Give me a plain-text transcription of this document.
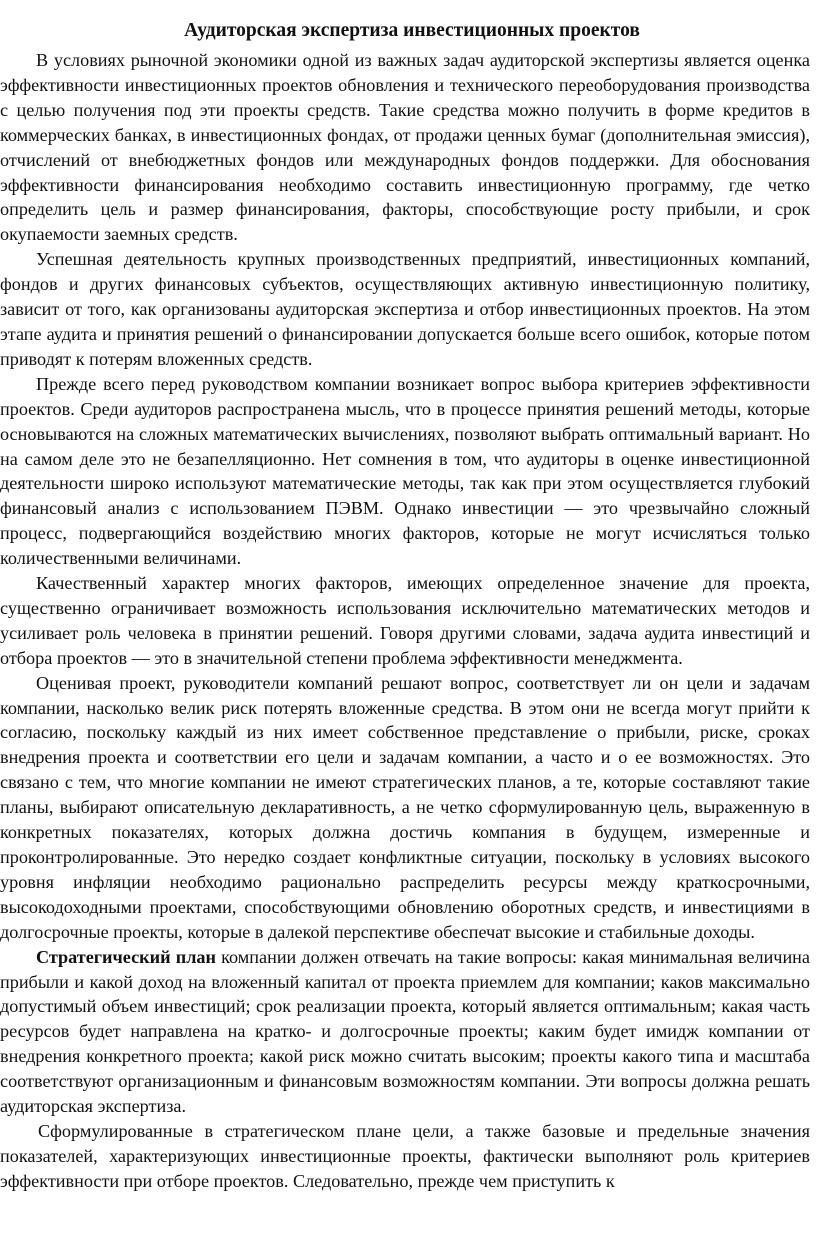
Аудиторская экспертиза инвестиционных проектов

В условиях рыночной экономики одной из важных задач аудиторской экспертизы является оценка эффективности инвестиционных проектов обновления и технического переоборудования производства с целью получения под эти проекты средств. Такие средства можно получить в форме кредитов в коммерческих банках, в инвестиционных фондах, от продажи ценных бумаг (дополнительная эмиссия), отчислений от внебюджетных фондов или международных фондов поддержки. Для обоснования эффективности финансирования необходимо составить инвестиционную программу, где четко определить цель и размер финансирования, факторы, способствующие росту прибыли, и срок окупаемости заемных средств.

Успешная деятельность крупных производственных предприятий, инвестиционных компаний, фондов и других финансовых субъектов, осуществляющих активную инвестиционную политику, зависит от того, как организованы аудиторская экспертиза и отбор инвестиционных проектов. На этом этапе аудита и принятия решений о финансировании допускается больше всего ошибок, которые потом приводят к потерям вложенных средств.

Прежде всего перед руководством компании возникает вопрос выбора критериев эффективности проектов. Среди аудиторов распространена мысль, что в процессе принятия решений методы, которые основываются на сложных математических вычислениях, позволяют выбрать оптимальный вариант. Но на самом деле это не безапелляционно. Нет сомнения в том, что аудиторы в оценке инвестиционной деятельности широко используют математические методы, так как при этом осуществляется глубокий финансовый анализ с использованием ПЭВМ. Однако инвестиции — это чрезвычайно сложный процесс, подвергающийся воздействию многих факторов, которые не могут исчисляться только количественными величинами.

Качественный характер многих факторов, имеющих определенное значение для проекта, существенно ограничивает возможность использования исключительно математических методов и усиливает роль человека в принятии решений. Говоря другими словами, задача аудита инвестиций и отбора проектов — это в значительной степени проблема эффективности менеджмента.

Оценивая проект, руководители компаний решают вопрос, соответствует ли он цели и задачам компании, насколько велик риск потерять вложенные средства. В этом они не всегда могут прийти к согласию, поскольку каждый из них имеет собственное представление о прибыли, риске, сроках внедрения проекта и соответствии его цели и задачам компании, а часто и о ее возможностях. Это связано с тем, что многие компании не имеют стратегических планов, а те, которые составляют такие планы, выбирают описательную декларативность, а не четко сформулированную цель, выраженную в конкретных показателях, которых должна достичь компания в будущем, измеренные и проконтролированные. Это нередко создает конфликтные ситуации, поскольку в условиях высокого уровня инфляции необходимо рационально распределить ресурсы между краткосрочными, высокодоходными проектами, способствующими обновлению оборотных средств, и инвестициями в долгосрочные проекты, которые в далекой перспективе обеспечат высокие и стабильные доходы.

Стратегический план компании должен отвечать на такие вопросы: какая минимальная величина прибыли и какой доход на вложенный капитал от проекта приемлем для компании; каков максимально допустимый объем инвестиций; срок реализации проекта, который является оптимальным; какая часть ресурсов будет направлена на кратко- и долгосрочные проекты; каким будет имидж компании от внедрения конкретного проекта; какой риск можно считать высоким; проекты какого типа и масштаба соответствуют организационным и финансовым возможностям компании. Эти вопросы должна решать аудиторская экспертиза.

Сформулированные в стратегическом плане цели, а также базовые и предельные значения показателей, характеризующих инвестиционные проекты, фактически выполняют роль критериев эффективности при отборе проектов. Следовательно, прежде чем приступить к
